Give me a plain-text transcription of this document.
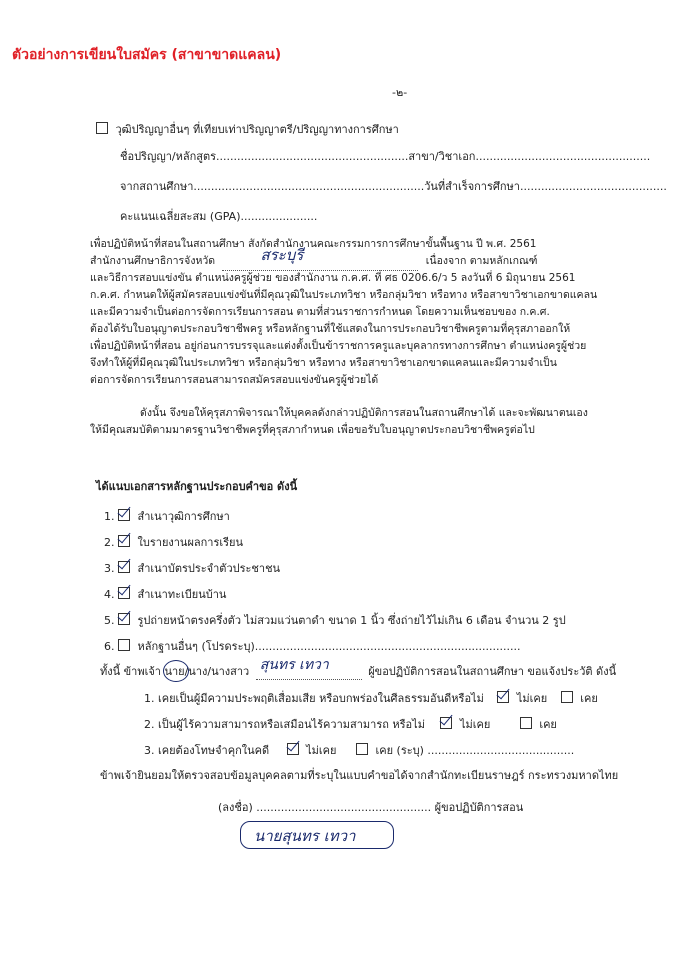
ตัวอย่างการเขียนใบสมัคร (สาขาขาดแคลน)
-๒-
วุฒิปริญญาอื่นๆ ที่เทียบเท่าปริญญาตรี/ปริญญาทางการศึกษา
ชื่อปริญญา/หลักสูตร.......................................................สาขา/วิชาเอก..................................................
จากสถานศึกษา..................................................................วันที่สำเร็จการศึกษา..........................................
คะแนนเฉลี่ยสะสม (GPA)......................
เพื่อปฏิบัติหน้าที่สอนในสถานศึกษา สังกัดสำนักงานคณะกรรมการการศึกษาขั้นพื้นฐาน ปี พ.ศ. 2561
สำนักงานศึกษาธิการจังหวัด	สระบุรี	เนื่องจาก ตามหลักเกณฑ์
และวิธีการสอบแข่งขัน ตำแหน่งครูผู้ช่วย ของสำนักงาน ก.ค.ศ. ที่ ศธ 0206.6/ว 5 ลงวันที่ 6 มิถุนายน 2561
ก.ค.ศ. กำหนดให้ผู้สมัครสอบแข่งขันที่มีคุณวุฒิในประเภทวิชา หรือกลุ่มวิชา หรือทาง หรือสาขาวิชาเอกขาดแคลน
และมีความจำเป็นต่อการจัดการเรียนการสอน ตามที่ส่วนราชการกำหนด โดยความเห็นชอบของ ก.ค.ศ.
ต้องได้รับใบอนุญาตประกอบวิชาชีพครู หรือหลักฐานที่ใช้แสดงในการประกอบวิชาชีพครูตามที่คุรุสภาออกให้
เพื่อปฏิบัติหน้าที่สอน อยู่ก่อนการบรรจุและแต่งตั้งเป็นข้าราชการครูและบุคลากรทางการศึกษา ตำแหน่งครูผู้ช่วย
จึงทำให้ผู้ที่มีคุณวุฒิในประเภทวิชา หรือกลุ่มวิชา หรือทาง หรือสาขาวิชาเอกขาดแคลนและมีความจำเป็น
ต่อการจัดการเรียนการสอนสามารถสมัครสอบแข่งขันครูผู้ช่วยได้
ดังนั้น จึงขอให้คุรุสภาพิจารณาให้บุคคลดังกล่าวปฏิบัติการสอนในสถานศึกษาได้ และจะพัฒนาตนเอง
ให้มีคุณสมบัติตามมาตรฐานวิชาชีพครูที่คุรุสภากำหนด เพื่อขอรับใบอนุญาตประกอบวิชาชีพครูต่อไป
ได้แนบเอกสารหลักฐานประกอบคำขอ ดังนี้
1. สำเนาวุฒิการศึกษา
2. ใบรายงานผลการเรียน
3. สำเนาบัตรประจำตัวประชาชน
4. สำเนาทะเบียนบ้าน
5. รูปถ่ายหน้าตรงครึ่งตัว ไม่สวมแว่นตาดำ ขนาด 1 นิ้ว ซึ่งถ่ายไว้ไม่เกิน 6 เดือน จำนวน 2 รูป
6. หลักฐานอื่นๆ (โปรดระบุ)............................................................................
ทั้งนี้ ข้าพเจ้า นาย/นาง/นางสาว สุนทร เทวา	ผู้ขอปฏิบัติการสอนในสถานศึกษา ขอแจ้งประวัติ ดังนี้
1. เคยเป็นผู้มีความประพฤติเสื่อมเสีย หรือบกพร่องในศีลธรรมอันดีหรือไม่	ไม่เคย	เคย
2. เป็นผู้ไร้ความสามารถหรือเสมือนไร้ความสามารถ หรือไม่	ไม่เคย	เคย
3. เคยต้องโทษจำคุกในคดี	ไม่เคย	เคย (ระบุ) ..........................................
ข้าพเจ้ายินยอมให้ตรวจสอบข้อมูลบุคคลตามที่ระบุในแบบคำขอได้จากสำนักทะเบียนราษฎร์ กระทรวงมหาดไทย
(ลงชื่อ) .................................................. ผู้ขอปฏิบัติการสอน
นายสุนทร เทวา
